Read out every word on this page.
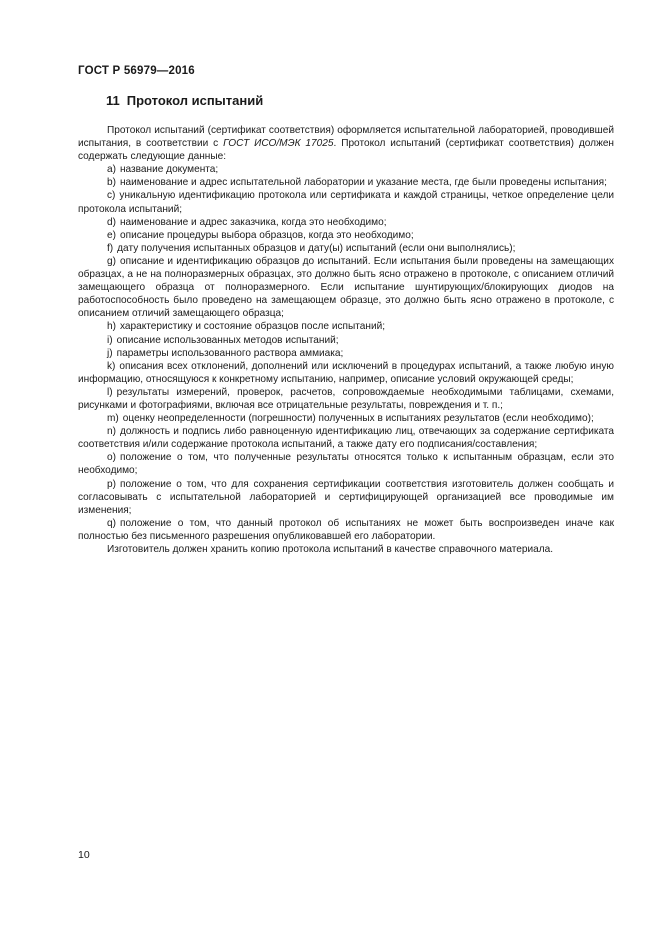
ГОСТ Р 56979—2016
11 Протокол испытаний

Протокол испытаний (сертификат соответствия) оформляется испытательной лабораторией, проводившей испытания, в соответствии с ГОСТ ИСО/МЭК 17025. Протокол испытаний (сертификат соответствия) должен содержать следующие данные:

a) название документа;

b) наименование и адрес испытательной лаборатории и указание места, где были проведены испытания;

c) уникальную идентификацию протокола или сертификата и каждой страницы, четкое определение цели протокола испытаний;

d) наименование и адрес заказчика, когда это необходимо;

e) описание процедуры выбора образцов, когда это необходимо;

f) дату получения испытанных образцов и дату(ы) испытаний (если они выполнялись);

g) описание и идентификацию образцов до испытаний. Если испытания были проведены на замещающих образцах, а не на полноразмерных образцах, это должно быть ясно отражено в протоколе, с описанием отличий замещающего образца от полноразмерного. Если испытание шунтирующих/блокирующих диодов на работоспособность было проведено на замещающем образце, это должно быть ясно отражено в протоколе, с описанием отличий замещающего образца;

h) характеристику и состояние образцов после испытаний;

i) описание использованных методов испытаний;

j) параметры использованного раствора аммиака;

k) описания всех отклонений, дополнений или исключений в процедурах испытаний, а также любую иную информацию, относящуюся к конкретному испытанию, например, описание условий окружающей среды;

l) результаты измерений, проверок, расчетов, сопровождаемые необходимыми таблицами, схемами, рисунками и фотографиями, включая все отрицательные результаты, повреждения и т. п.;

m) оценку неопределенности (погрешности) полученных в испытаниях результатов (если необходимо);

n) должность и подпись либо равноценную идентификацию лиц, отвечающих за содержание сертификата соответствия и/или содержание протокола испытаний, а также дату его подписания/составления;

o) положение о том, что полученные результаты относятся только к испытанным образцам, если это необходимо;

p) положение о том, что для сохранения сертификации соответствия изготовитель должен сообщать и согласовывать с испытательной лабораторией и сертифицирующей организацией все проводимые им изменения;

q) положение о том, что данный протокол об испытаниях не может быть воспроизведен иначе как полностью без письменного разрешения опубликовавшей его лаборатории.

Изготовитель должен хранить копию протокола испытаний в качестве справочного материала.

10
